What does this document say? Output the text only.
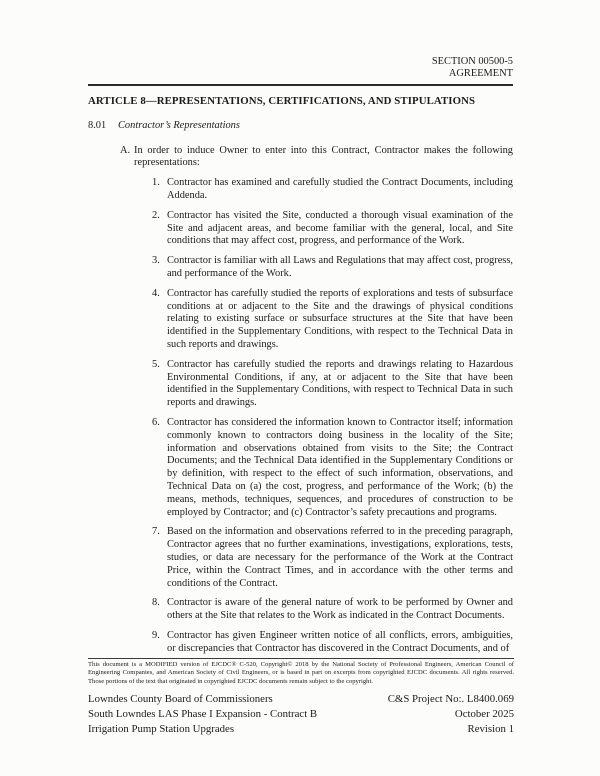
SECTION 00500-5
AGREEMENT
ARTICLE 8—REPRESENTATIONS, CERTIFICATIONS, AND STIPULATIONS
8.01	Contractor’s Representations
A. In order to induce Owner to enter into this Contract, Contractor makes the following representations:
1. Contractor has examined and carefully studied the Contract Documents, including Addenda.
2. Contractor has visited the Site, conducted a thorough visual examination of the Site and adjacent areas, and become familiar with the general, local, and Site conditions that may affect cost, progress, and performance of the Work.
3. Contractor is familiar with all Laws and Regulations that may affect cost, progress, and performance of the Work.
4. Contractor has carefully studied the reports of explorations and tests of subsurface conditions at or adjacent to the Site and the drawings of physical conditions relating to existing surface or subsurface structures at the Site that have been identified in the Supplementary Conditions, with respect to the Technical Data in such reports and drawings.
5. Contractor has carefully studied the reports and drawings relating to Hazardous Environmental Conditions, if any, at or adjacent to the Site that have been identified in the Supplementary Conditions, with respect to Technical Data in such reports and drawings.
6. Contractor has considered the information known to Contractor itself; information commonly known to contractors doing business in the locality of the Site; information and observations obtained from visits to the Site; the Contract Documents; and the Technical Data identified in the Supplementary Conditions or by definition, with respect to the effect of such information, observations, and Technical Data on (a) the cost, progress, and performance of the Work; (b) the means, methods, techniques, sequences, and procedures of construction to be employed by Contractor; and (c) Contractor’s safety precautions and programs.
7. Based on the information and observations referred to in the preceding paragraph, Contractor agrees that no further examinations, investigations, explorations, tests, studies, or data are necessary for the performance of the Work at the Contract Price, within the Contract Times, and in accordance with the other terms and conditions of the Contract.
8. Contractor is aware of the general nature of work to be performed by Owner and others at the Site that relates to the Work as indicated in the Contract Documents.
9. Contractor has given Engineer written notice of all conflicts, errors, ambiguities, or discrepancies that Contractor has discovered in the Contract Documents, and of

This document is a MODIFIED version of EJCDC® C-520, Copyright© 2018 by the National Society of Professional Engineers, American Council of Engineering Companies, and American Society of Civil Engineers, or is based in part on excerpts from copyrighted EJCDC documents. All rights reserved. Those portions of the text that originated in copyrighted EJCDC documents remain subject to the copyright.

Lowndes County Board of Commissioners
South Lowndes LAS Phase I Expansion - Contract B
Irrigation Pump Station Upgrades
C&S Project No:. L8400.069
October 2025
Revision 1
